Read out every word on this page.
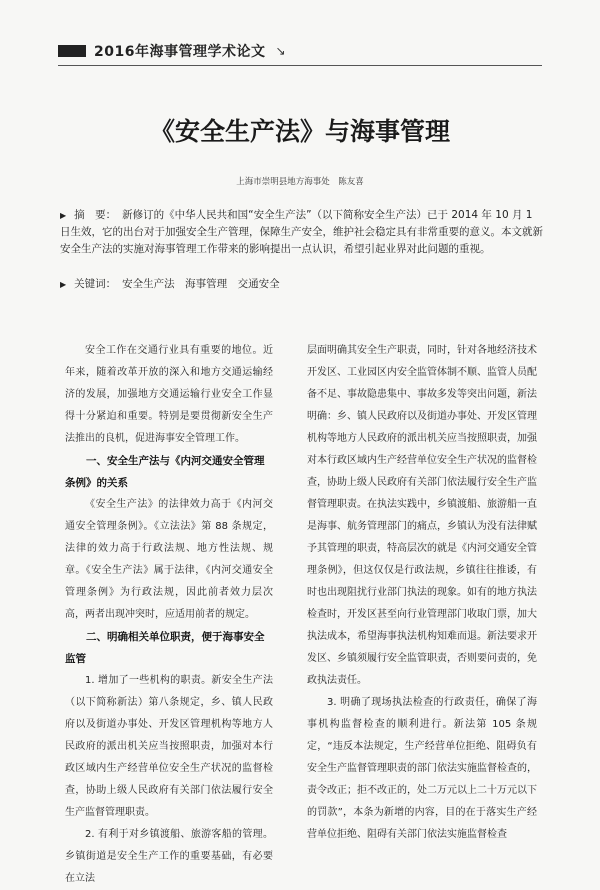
2016年海事管理学术论文 ↘
《安全生产法》与海事管理
上海市崇明县地方海事处　陈友喜

▶ 摘　要： 新修订的《中华人民共和国“安全生产法”（以下简称安全生产法）已于 2014 年 10 月 1 日生效，它的出台对于加强安全生产管理，保障生产安全，维护社会稳定具有非常重要的意义。本文就新安全生产法的实施对海事管理工作带来的影响提出一点认识，希望引起业界对此问题的重视。

▶ 关键词： 安全生产法　海事管理　交通安全

安全工作在交通行业具有重要的地位。近年来，随着改革开放的深入和地方交通运输经济的发展，加强地方交通运输行业安全工作显得十分紧迫和重要。特别是要贯彻新安全生产法推出的良机，促进海事安全管理工作。

一、安全生产法与《内河交通安全管理条例》的关系

《安全生产法》的法律效力高于《内河交通安全管理条例》。《立法法》第 88 条规定，法律的效力高于行政法规、地方性法规、规章。《安全生产法》属于法律，《内河交通安全管理条例》为行政法规，因此前者效力层次高，两者出现冲突时，应适用前者的规定。

二、明确相关单位职责，便于海事安全监管

1. 增加了一些机构的职责。新安全生产法（以下简称新法）第八条规定，乡、镇人民政府以及街道办事处、开发区管理机构等地方人民政府的派出机关应当按照职责，加强对本行政区域内生产经营单位安全生产状况的监督检查，协助上级人民政府有关部门依法履行安全生产监督管理职责。

2. 有利于对乡镇渡船、旅游客船的管理。乡镇街道是安全生产工作的重要基础，有必要在立法

层面明确其安全生产职责，同时，针对各地经济技术开发区、工业园区内安全监管体制不顺、监管人员配备不足、事故隐患集中、事故多发等突出问题，新法明确：乡、镇人民政府以及街道办事处、开发区管理机构等地方人民政府的派出机关应当按照职责，加强对本行政区域内生产经营单位安全生产状况的监督检查，协助上级人民政府有关部门依法履行安全生产监督管理职责。在执法实践中，乡镇渡船、旅游船一直是海事、航务管理部门的痛点，乡镇认为没有法律赋予其管理的职责，特高层次的就是《内河交通安全管理条例》，但这仅仅是行政法规，乡镇往往推诿，有时也出现阻扰行业部门执法的现象。如有的地方执法检查时，开发区甚至向行业管理部门收取门票，加大执法成本，希望海事执法机构知难而退。新法要求开发区、乡镇须履行安全监管职责，否则要问责的，免政执法责任。

3. 明确了现场执法检查的行政责任，确保了海事机构监督检查的顺利进行。新法第 105 条规定，“违反本法规定，生产经营单位拒绝、阻碍负有安全生产监督管理职责的部门依法实施监督检查的，责令改正；拒不改正的，处二万元以上二十万元以下的罚款”，本条为新增的内容，目的在于落实生产经营单位拒绝、阻碍有关部门依法实施监督检查
